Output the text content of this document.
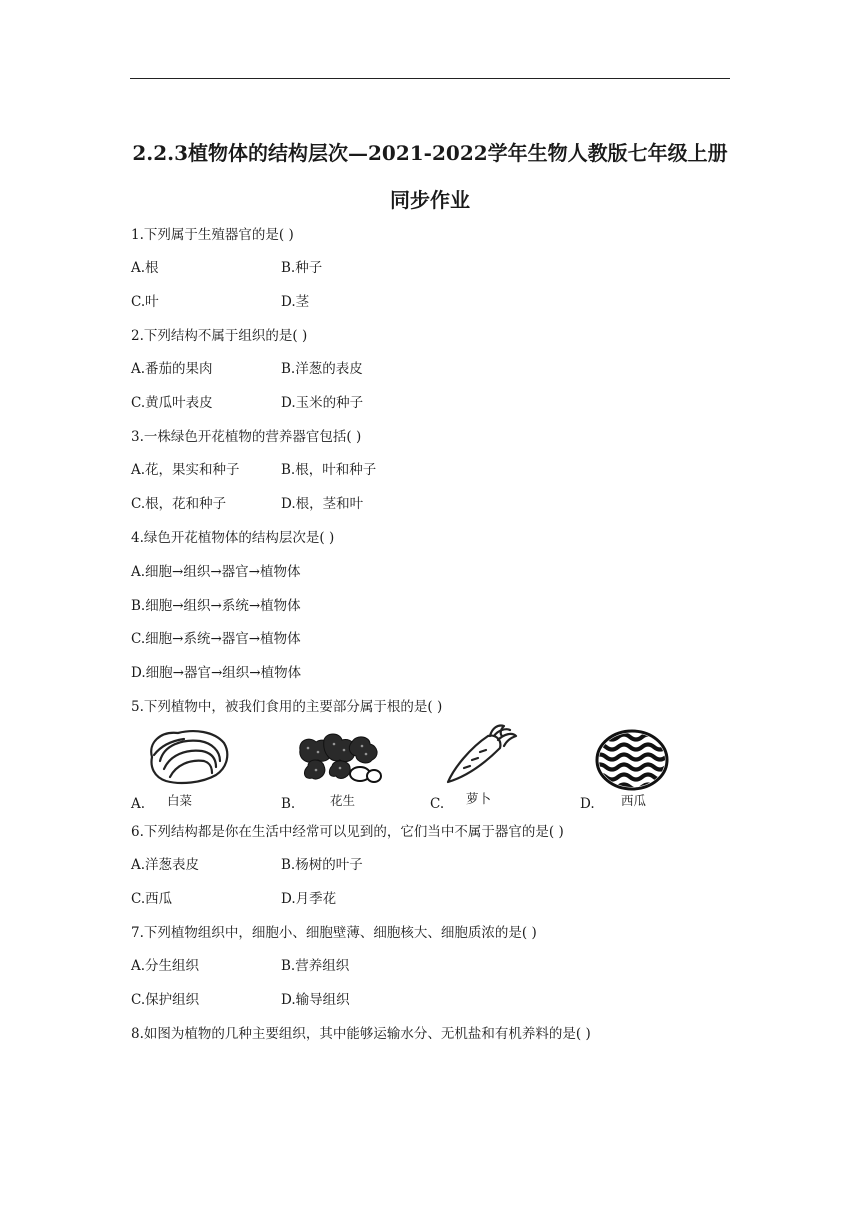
2.2.3植物体的结构层次—2021-2022学年生物人教版七年级上册
同步作业
1.下列属于生殖器官的是( )
A.根	B.种子
C.叶	D.茎
2.下列结构不属于组织的是( )
A.番茄的果肉	B.洋葱的表皮
C.黄瓜叶表皮	D.玉米的种子
3.一株绿色开花植物的营养器官包括( )
A.花，果实和种子	B.根，叶和种子
C.根，花和种子	D.根，茎和叶
4.绿色开花植物体的结构层次是( )
A.细胞→组织→器官→植物体
B.细胞→组织→系统→植物体
C.细胞→系统→器官→植物体
D.细胞→器官→组织→植物体
5.下列植物中，被我们食用的主要部分属于根的是( )
A. 白菜	B.	花生	C. 萝卜	D. 西瓜
6.下列结构都是你在生活中经常可以见到的，它们当中不属于器官的是( )
A.洋葱表皮	B.杨树的叶子
C.西瓜	D.月季花
7.下列植物组织中，细胞小、细胞壁薄、细胞核大、细胞质浓的是( )
A.分生组织	B.营养组织
C.保护组织	D.输导组织
8.如图为植物的几种主要组织，其中能够运输水分、无机盐和有机养料的是( )
